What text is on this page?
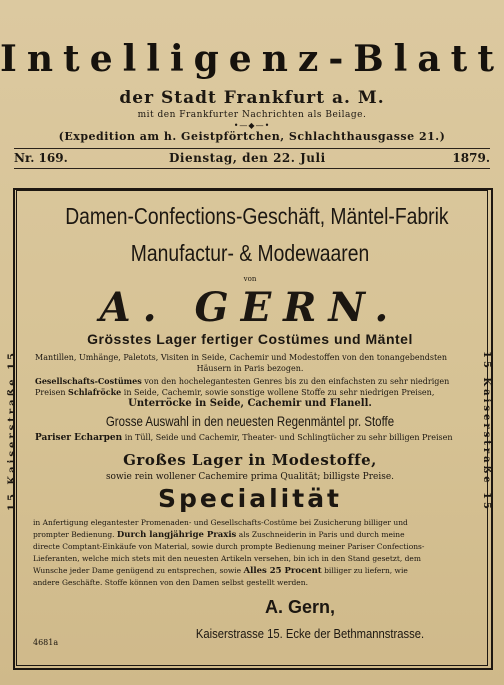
Intelligenz-Blatt
der Stadt Frankfurt a. M.
mit den Frankfurter Nachrichten als Beilage.
•—◆—•
(Expedition am h. Geistpförtchen, Schlachthausgasse 21.)
Nr. 169.	Dienstag, den 22. Juli	1879.
Damen-Confections-Geschäft, Mäntel-Fabrik
Manufactur- & Modewaaren
von
A. GERN.
Grösstes Lager fertiger Costümes und Mäntel
Mantillen, Umhänge, Paletots, Visiten in Seide, Cachemir und Modestoffen von den tonangebendsten
Häusern in Paris bezogen.
Gesellschafts-Costümes von den hochelegantesten Genres bis zu den einfachsten zu sehr niedrigen
Preisen Schlafröcke in Seide, Cachemir, sowie sonstige wollene Stoffe zu sehr niedrigen Preisen,
Unterröcke in Seide, Cachemir und Flanell.
Grosse Auswahl in den neuesten Regenmäntel pr. Stoffe
Pariser Echarpen in Tüll, Seide und Cachemir, Theater- und Schlingtücher zu sehr billigen Preisen
Großes Lager in Modestoffe,
sowie rein wollener Cachemire prima Qualität; billigste Preise.
Specialität
in Anfertigung elegantester Promenaden- und Gesellschafts-Costüme bei Zusicherung billiger und
prompter Bedienung. Durch langjährige Praxis als Zuschneiderin in Paris und durch meine
directe Comptant-Einkäufe von Material, sowie durch prompte Bedienung meiner Pariser Confections-
Lieferanten, welche mich stets mit den neuesten Artikeln versehen, bin ich in den Stand gesetzt, dem
Wunsche jeder Dame genügend zu entsprechen, sowie Alles 25 Procent billiger zu liefern, wie
andere Geschäfte. Stoffe können von den Damen selbst gestellt werden.
A. Gern,
Kaiserstrasse 15. Ecke der Bethmannstrasse.
15 Kaiserstraße 15	15 Kaiserstraße 15
4681a
